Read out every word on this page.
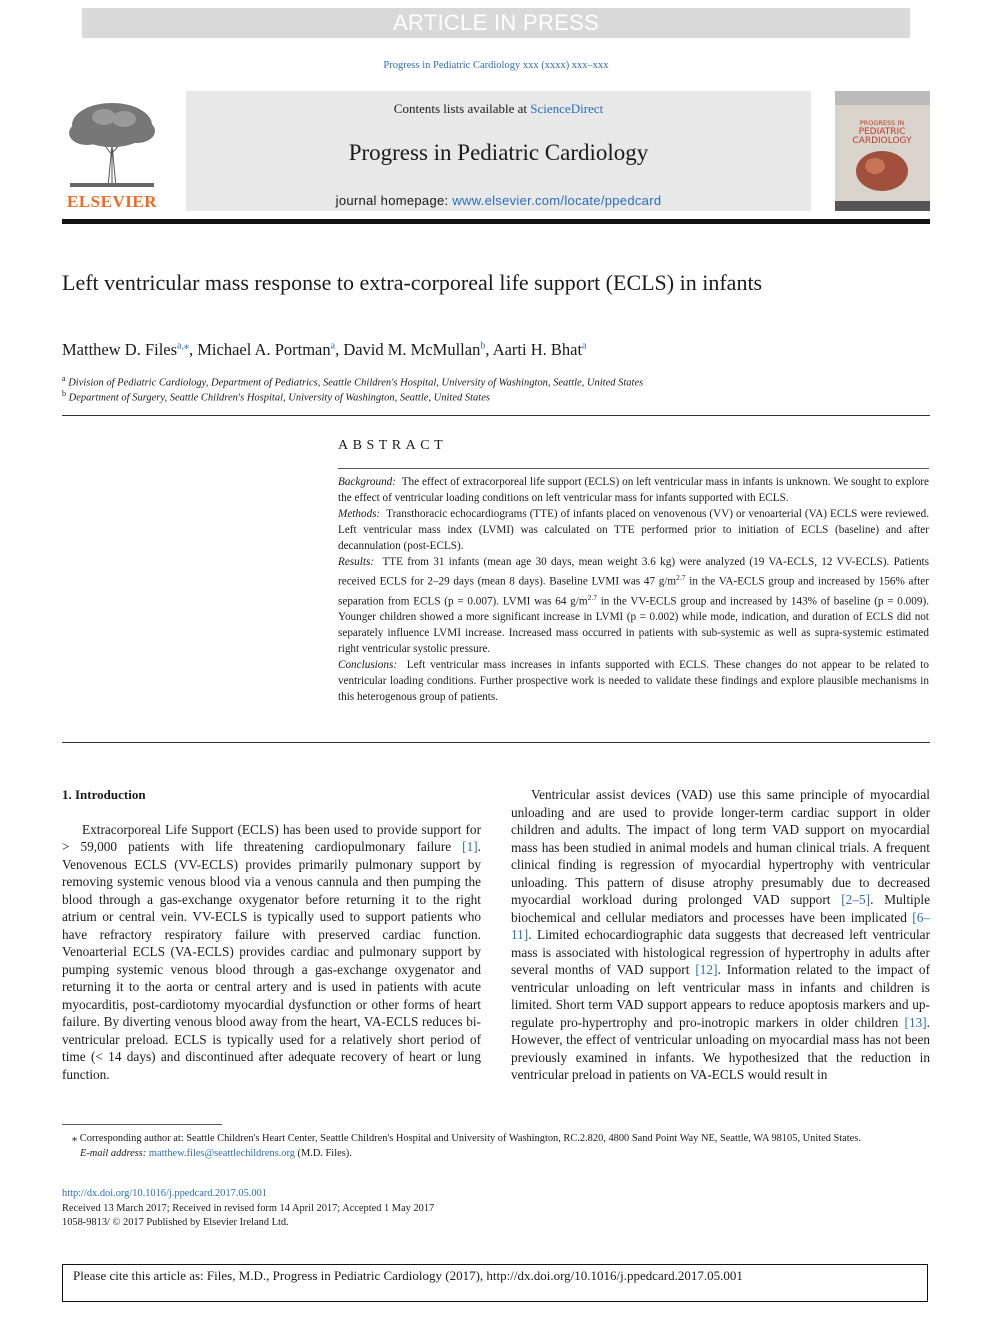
ARTICLE IN PRESS
Progress in Pediatric Cardiology xxx (xxxx) xxx–xxx
ELSEVIER
Contents lists available at ScienceDirect
Progress in Pediatric Cardiology
journal homepage: www.elsevier.com/locate/ppedcard
PROGRESS IN
PEDIATRIC
CARDIOLOGY
Left ventricular mass response to extra-corporeal life support (ECLS) in infants
Matthew D. Files$^{a,⁎}$, Michael A. Portman$^a$, David M. McMullan$^b$, Aarti H. Bhat$^a$
$^a$ Division of Pediatric Cardiology, Department of Pediatrics, Seattle Children's Hospital, University of Washington, Seattle, United States
$^b$ Department of Surgery, Seattle Children's Hospital, University of Washington, Seattle, United States
ABSTRACT

Background: The effect of extracorporeal life support (ECLS) on left ventricular mass in infants is unknown. We sought to explore the effect of ventricular loading conditions on left ventricular mass for infants supported with ECLS.

Methods: Transthoracic echocardiograms (TTE) of infants placed on venovenous (VV) or venoarterial (VA) ECLS were reviewed. Left ventricular mass index (LVMI) was calculated on TTE performed prior to initiation of ECLS (baseline) and after decannulation (post-ECLS).

Results: TTE from 31 infants (mean age 30 days, mean weight 3.6 kg) were analyzed (19 VA-ECLS, 12 VV-ECLS). Patients received ECLS for 2–29 days (mean 8 days). Baseline LVMI was 47 $g/m^{2.7}$ in the VA-ECLS group and increased by 156% after separation from ECLS (p = 0.007). LVMI was 64 $g/m^{2.7}$ in the VV-ECLS group and increased by 143% of baseline (p = 0.009). Younger children showed a more significant increase in LVMI (p = 0.002) while mode, indication, and duration of ECLS did not separately influence LVMI increase. Increased mass occurred in patients with sub-systemic as well as supra-systemic estimated right ventricular systolic pressure.

Conclusions: Left ventricular mass increases in infants supported with ECLS. These changes do not appear to be related to ventricular loading conditions. Further prospective work is needed to validate these findings and explore plausible mechanisms in this heterogenous group of patients.

1. Introduction

Extracorporeal Life Support (ECLS) has been used to provide support for > 59,000 patients with life threatening cardiopulmonary failure [1]. Venovenous ECLS (VV-ECLS) provides primarily pulmonary support by removing systemic venous blood via a venous cannula and then pumping the blood through a gas-exchange oxygenator before returning it to the right atrium or central vein. VV-ECLS is typically used to support patients who have refractory respiratory failure with preserved cardiac function. Venoarterial ECLS (VA-ECLS) provides cardiac and pulmonary support by pumping systemic venous blood through a gas-exchange oxygenator and returning it to the aorta or central artery and is used in patients with acute myocarditis, post-cardiotomy myocardial dysfunction or other forms of heart failure. By diverting venous blood away from the heart, VA-ECLS reduces bi-ventricular preload. ECLS is typically used for a relatively short period of time (< 14 days) and discontinued after adequate recovery of heart or lung function.

Ventricular assist devices (VAD) use this same principle of myocardial unloading and are used to provide longer-term cardiac support in older children and adults. The impact of long term VAD support on myocardial mass has been studied in animal models and human clinical trials. A frequent clinical finding is regression of myocardial hypertrophy with ventricular unloading. This pattern of disuse atrophy presumably due to decreased myocardial workload during prolonged VAD support [2–5]. Multiple biochemical and cellular mediators and processes have been implicated [6–11]. Limited echocardiographic data suggests that decreased left ventricular mass is associated with histological regression of hypertrophy in adults after several months of VAD support [12]. Information related to the impact of ventricular unloading on left ventricular mass in infants and children is limited. Short term VAD support appears to reduce apoptosis markers and up-regulate pro-hypertrophy and pro-inotropic markers in older children [13]. However, the effect of ventricular unloading on myocardial mass has not been previously examined in infants. We hypothesized that the reduction in ventricular preload in patients on VA-ECLS would result in

⁎ Corresponding author at: Seattle Children's Heart Center, Seattle Children's Hospital and University of Washington, RC.2.820, 4800 Sand Point Way NE, Seattle, WA 98105, United States.

E-mail address: matthew.files@seattlechildrens.org (M.D. Files).

http://dx.doi.org/10.1016/j.ppedcard.2017.05.001

Received 13 March 2017; Received in revised form 14 April 2017; Accepted 1 May 2017

1058-9813/ © 2017 Published by Elsevier Ireland Ltd.

Please cite this article as: Files, M.D., Progress in Pediatric Cardiology (2017), http://dx.doi.org/10.1016/j.ppedcard.2017.05.001
